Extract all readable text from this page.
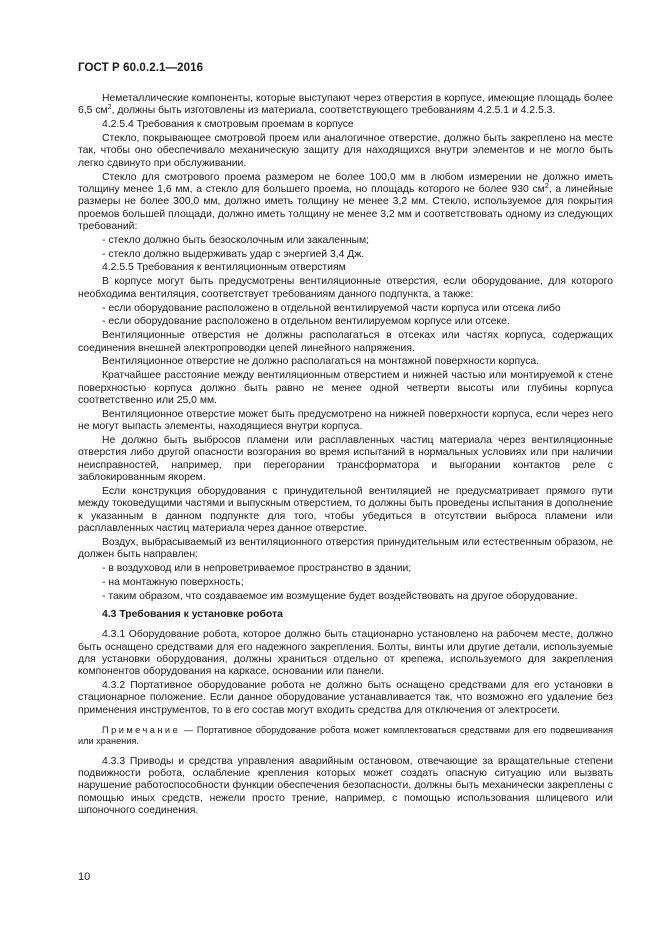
ГОСТ Р 60.0.2.1—2016

Неметаллические компоненты, которые выступают через отверстия в корпусе, имеющие площадь более 6,5 $см^2$, должны быть изготовлены из материала, соответствующего требованиям 4.2.5.1 и 4.2.5.3.

4.2.5.4 Требования к смотровым проемам в корпусе

Стекло, покрывающее смотровой проем или аналогичное отверстие, должно быть закреплено на месте так, чтобы оно обеспечивало механическую защиту для находящихся внутри элементов и не могло быть легко сдвинуто при обслуживании.

Стекло для смотрового проема размером не более 100,0 мм в любом измерении не должно иметь толщину менее 1,6 мм, а стекло для большего проема, но площадь которого не более 930 $см^2$, а линейные размеры не более 300,0 мм, должно иметь толщину не менее 3,2 мм. Стекло, используемое для покрытия проемов большей площади, должно иметь толщину не менее 3,2 мм и соответствовать одному из следующих требований:

- стекло должно быть безосколочным или закаленным;

- стекло должно выдерживать удар с энергией 3,4 Дж.

4.2.5.5 Требования к вентиляционным отверстиям

В корпусе могут быть предусмотрены вентиляционные отверстия, если оборудование, для которого необходима вентиляция, соответствует требованиям данного подпункта, а также:

- если оборудование расположено в отдельной вентилируемой части корпуса или отсека либо

- если оборудование расположено в отдельном вентилируемом корпусе или отсеке.

Вентиляционные отверстия не должны располагаться в отсеках или частях корпуса, содержащих соединения внешней электропроводки цепей линейного напряжения.

Вентиляционное отверстие не должно располагаться на монтажной поверхности корпуса.

Кратчайшее расстояние между вентиляционным отверстием и нижней частью или монтируемой к стене поверхностью корпуса должно быть равно не менее одной четверти высоты или глубины корпуса соответственно или 25,0 мм.

Вентиляционное отверстие может быть предусмотрено на нижней поверхности корпуса, если через него не могут выпасть элементы, находящиеся внутри корпуса.

Не должно быть выбросов пламени или расплавленных частиц материала через вентиляционные отверстия либо другой опасности возгорания во время испытаний в нормальных условиях или при наличии неисправностей, например, при перегорании трансформатора и выгорании контактов реле с заблокированным якорем.

Если конструкция оборудования с принудительной вентиляцией не предусматривает прямого пути между токоведущими частями и выпускным отверстием, то должны быть проведены испытания в дополнение к указанным в данном подпункте для того, чтобы убедиться в отсутствии выброса пламени или расплавленных частиц материала через данное отверстие.

Воздух, выбрасываемый из вентиляционного отверстия принудительным или естественным образом, не должен быть направлен:

- в воздуховод или в непроветриваемое пространство в здании;

- на монтажную поверхность;

- таким образом, что создаваемое им возмущение будет воздействовать на другое оборудование.

4.3 Требования к установке робота

4.3.1 Оборудование робота, которое должно быть стационарно установлено на рабочем месте, должно быть оснащено средствами для его надежного закрепления. Болты, винты или другие детали, используемые для установки оборудования, должны храниться отдельно от крепежа, используемого для закрепления компонентов оборудования на каркасе, основании или панели.

4.3.2 Портативное оборудование робота не должно быть оснащено средствами для его установки в стационарное положение. Если данное оборудование устанавливается так, что возможно его удаление без применения инструментов, то в его состав могут входить средства для отключения от электросети.

Примечание — Портативное оборудование робота может комплектоваться средствами для его подвешивания или хранения.

4.3.3 Приводы и средства управления аварийным остановом, отвечающие за вращательные степени подвижности робота, ослабление крепления которых может создать опасную ситуацию или вызвать нарушение работоспособности функции обеспечения безопасности, должны быть механически закреплены с помощью иных средств, нежели просто трение, например, с помощью использования шлицевого или шпоночного соединения.

10
